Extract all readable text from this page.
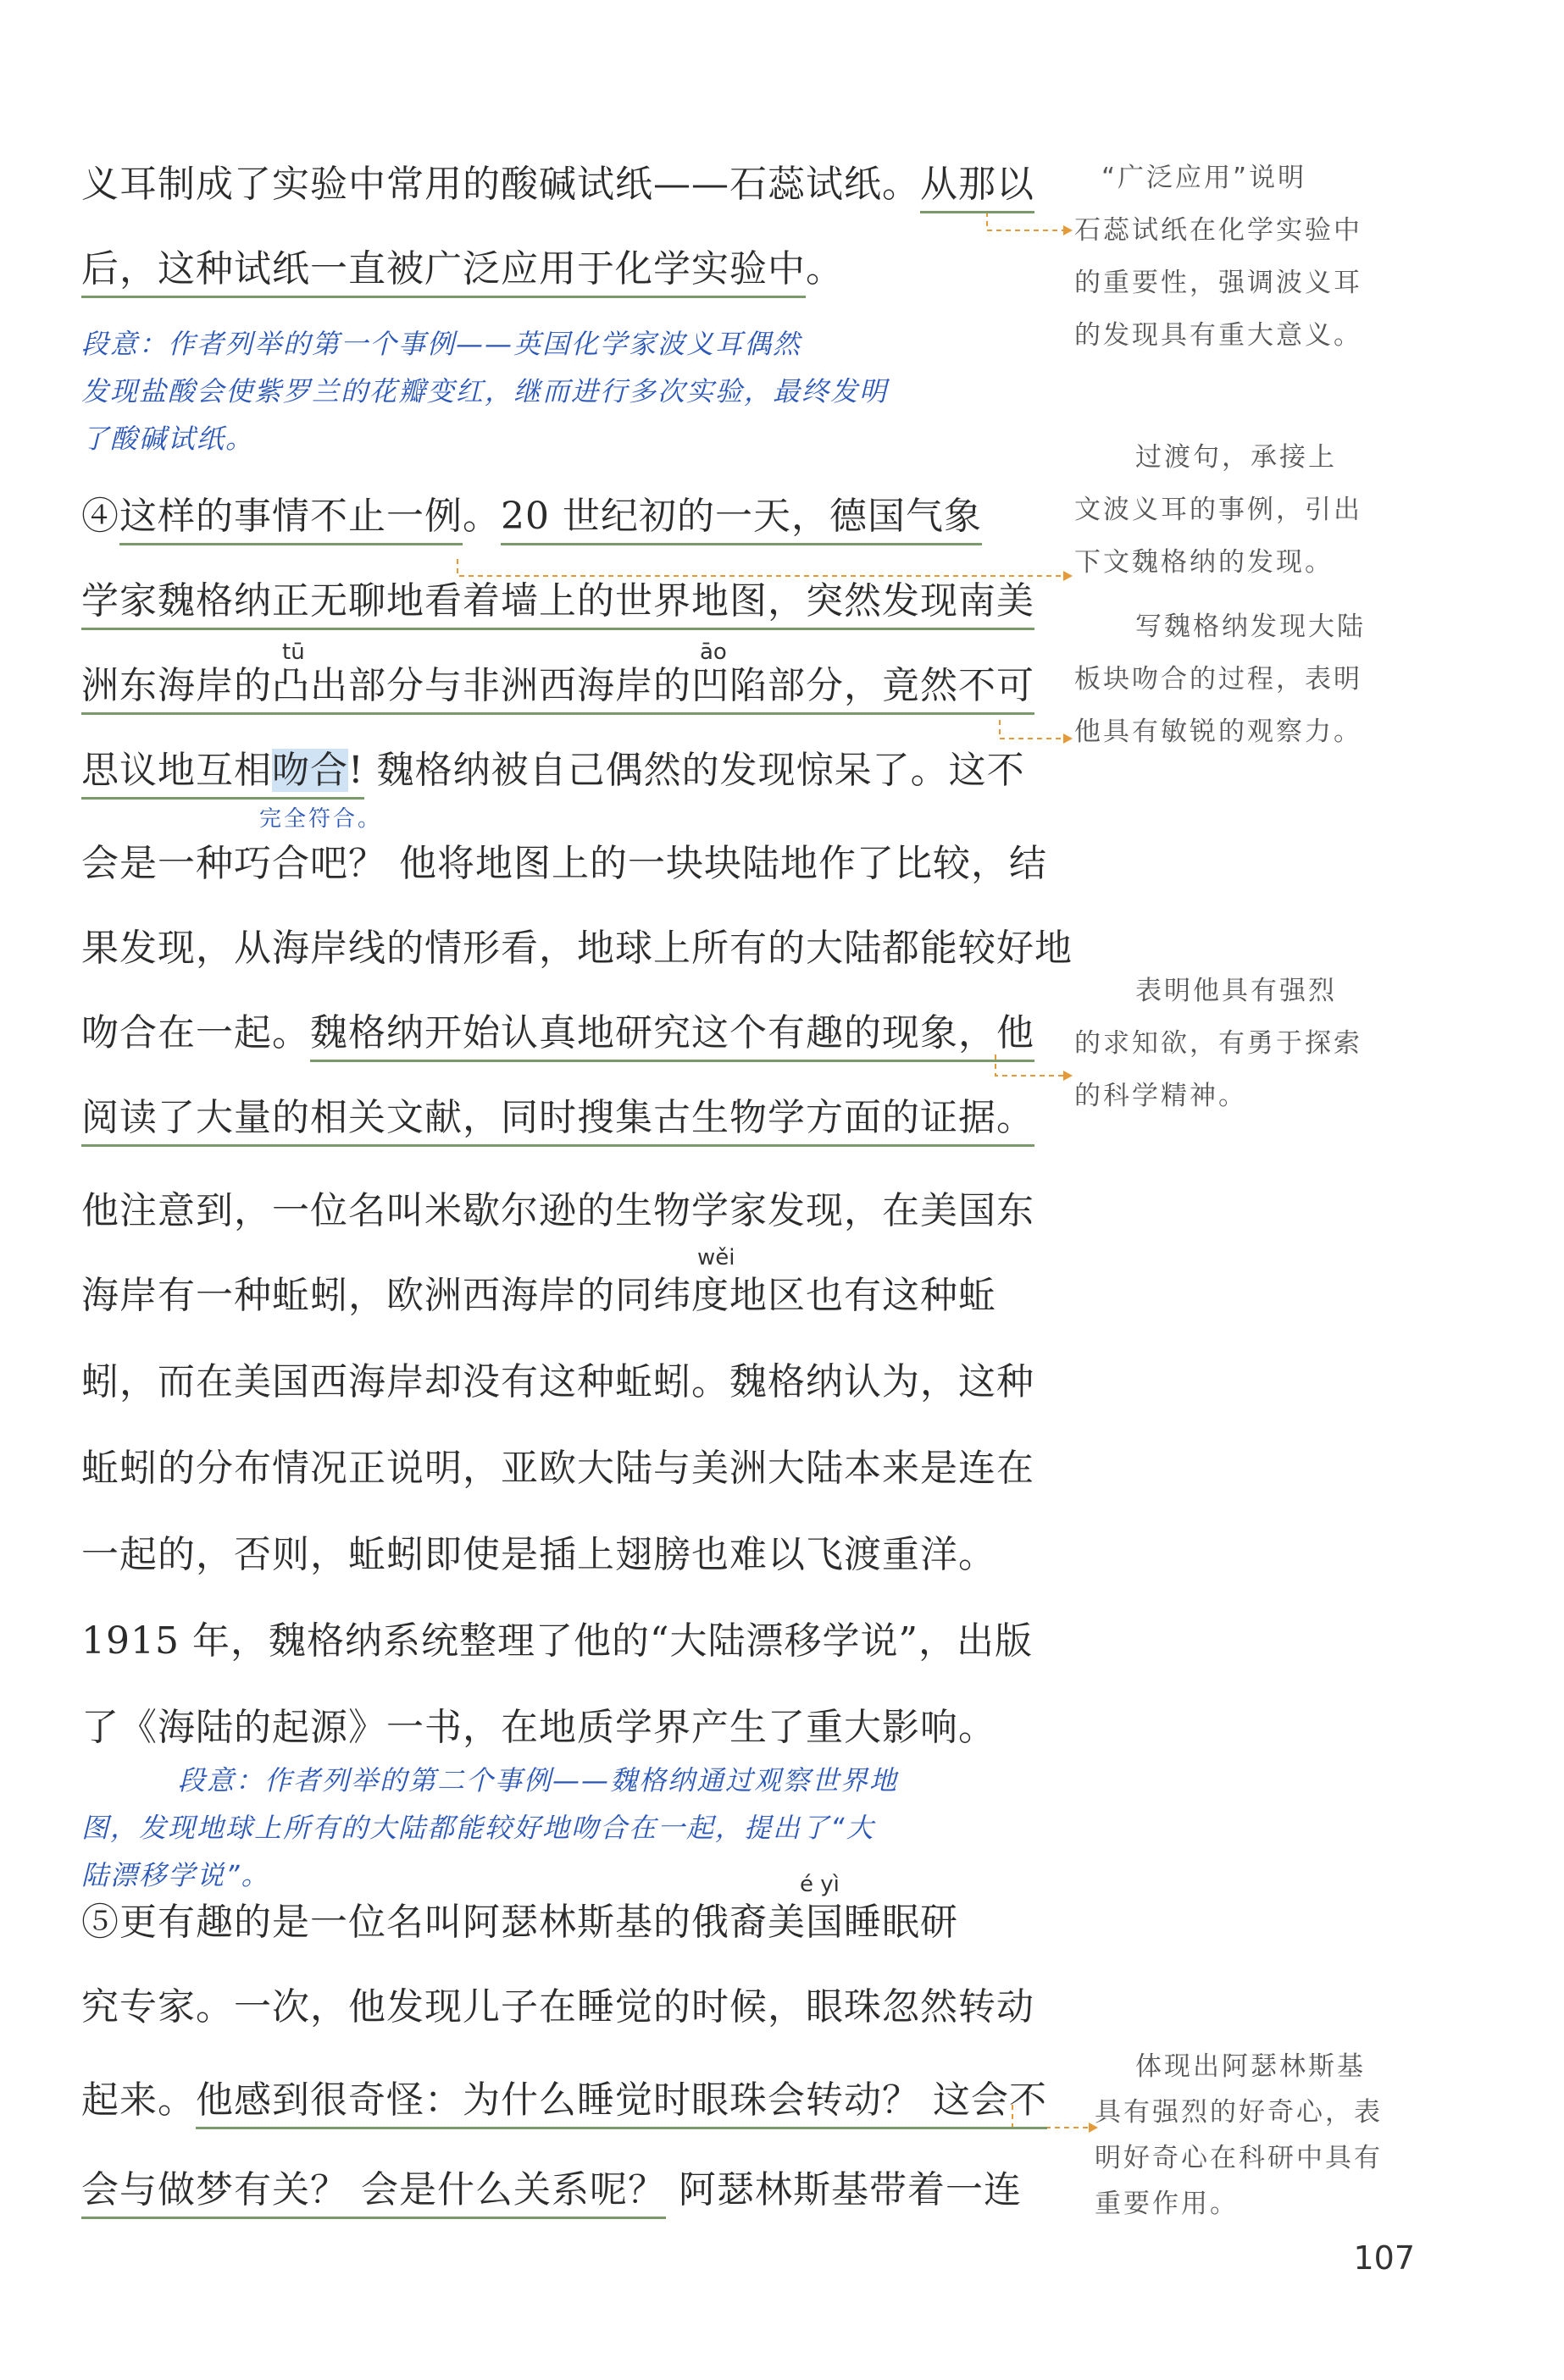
义耳制成了实验中常用的酸碱试纸——石蕊试纸。从那以
后，这种试纸一直被广泛应用于化学实验中。
段意：作者列举的第一个事例——英国化学家波义耳偶然
发现盐酸会使紫罗兰的花瓣变红，继而进行多次实验，最终发明
了酸碱试纸。
④这样的事情不止一例。20 世纪初的一天，德国气象
学家魏格纳正无聊地看着墙上的世界地图，突然发现南美
tū	āo
洲东海岸的凸出部分与非洲西海岸的凹陷部分，竟然不可
思议地互相吻合! 魏格纳被自己偶然的发现惊呆了。这不
完全符合。
会是一种巧合吧？ 他将地图上的一块块陆地作了比较，结
果发现，从海岸线的情形看，地球上所有的大陆都能较好地
吻合在一起。魏格纳开始认真地研究这个有趣的现象，他
阅读了大量的相关文献，同时搜集古生物学方面的证据。
他注意到，一位名叫米歇尔逊的生物学家发现，在美国东
wěi
海岸有一种蚯蚓，欧洲西海岸的同纬度地区也有这种蚯
蚓，而在美国西海岸却没有这种蚯蚓。魏格纳认为，这种
蚯蚓的分布情况正说明，亚欧大陆与美洲大陆本来是连在
一起的，否则，蚯蚓即使是插上翅膀也难以飞渡重洋。
1915 年，魏格纳系统整理了他的“大陆漂移学说”，出版
了《海陆的起源》一书，在地质学界产生了重大影响。
段意：作者列举的第二个事例——魏格纳通过观察世界地
图，发现地球上所有的大陆都能较好地吻合在一起，提出了“大
陆漂移学说”。	é yì
⑤更有趣的是一位名叫阿瑟林斯基的俄裔美国睡眠研
究专家。一次，他发现儿子在睡觉的时候，眼珠忽然转动
起来。他感到很奇怪：为什么睡觉时眼珠会转动？ 这会不
会与做梦有关？ 会是什么关系呢？ 阿瑟林斯基带着一连
“广泛应用”说明
石蕊试纸在化学实验中
的重要性，强调波义耳
的发现具有重大意义。
过渡句，承接上
文波义耳的事例，引出
下文魏格纳的发现。
写魏格纳发现大陆
板块吻合的过程，表明
他具有敏锐的观察力。
表明他具有强烈
的求知欲，有勇于探索
的科学精神。
体现出阿瑟林斯基
具有强烈的好奇心，表
明好奇心在科研中具有
重要作用。
107
